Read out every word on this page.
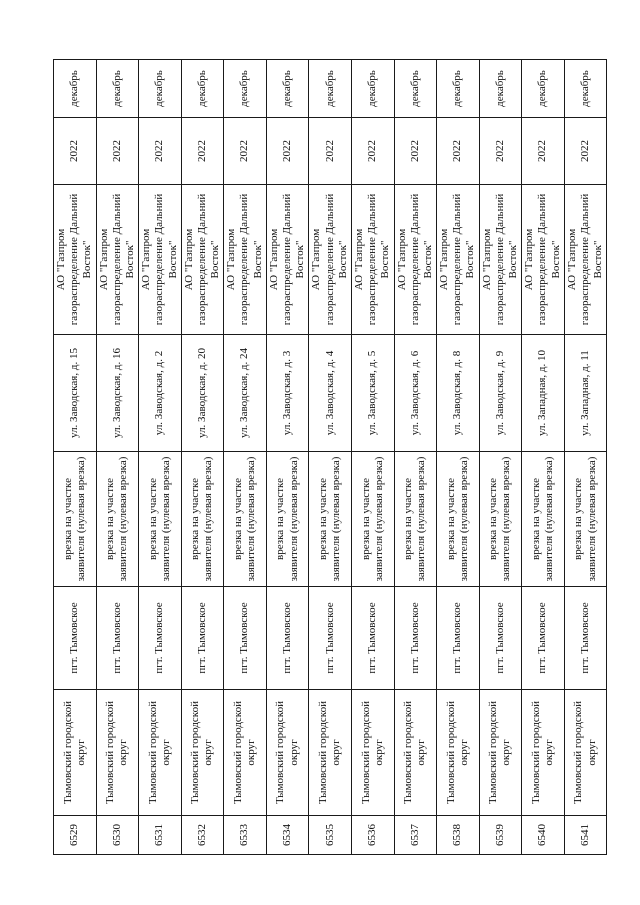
6529	Тымовский городской округ	пгт. Тымовское	врезка на участке заявителя (нулевая врезка)	ул. Заводская, д. 15	АО "Газпром газораспределение Дальний Восток"	2022	декабрь
6530	Тымовский городской округ	пгт. Тымовское	врезка на участке заявителя (нулевая врезка)	ул. Заводская, д. 16	АО "Газпром газораспределение Дальний Восток"	2022	декабрь
6531	Тымовский городской округ	пгт. Тымовское	врезка на участке заявителя (нулевая врезка)	ул. Заводская, д. 2	АО "Газпром газораспределение Дальний Восток"	2022	декабрь
6532	Тымовский городской округ	пгт. Тымовское	врезка на участке заявителя (нулевая врезка)	ул. Заводская, д. 20	АО "Газпром газораспределение Дальний Восток"	2022	декабрь
6533	Тымовский городской округ	пгт. Тымовское	врезка на участке заявителя (нулевая врезка)	ул. Заводская, д. 24	АО "Газпром газораспределение Дальний Восток"	2022	декабрь
6534	Тымовский городской округ	пгт. Тымовское	врезка на участке заявителя (нулевая врезка)	ул. Заводская, д. 3	АО "Газпром газораспределение Дальний Восток"	2022	декабрь
6535	Тымовский городской округ	пгт. Тымовское	врезка на участке заявителя (нулевая врезка)	ул. Заводская, д. 4	АО "Газпром газораспределение Дальний Восток"	2022	декабрь
6536	Тымовский городской округ	пгт. Тымовское	врезка на участке заявителя (нулевая врезка)	ул. Заводская, д. 5	АО "Газпром газораспределение Дальний Восток"	2022	декабрь
6537	Тымовский городской округ	пгт. Тымовское	врезка на участке заявителя (нулевая врезка)	ул. Заводская, д. 6	АО "Газпром газораспределение Дальний Восток"	2022	декабрь
6538	Тымовский городской округ	пгт. Тымовское	врезка на участке заявителя (нулевая врезка)	ул. Заводская, д. 8	АО "Газпром газораспределение Дальний Восток"	2022	декабрь
6539	Тымовский городской округ	пгт. Тымовское	врезка на участке заявителя (нулевая врезка)	ул. Заводская, д. 9	АО "Газпром газораспределение Дальний Восток"	2022	декабрь
6540	Тымовский городской округ	пгт. Тымовское	врезка на участке заявителя (нулевая врезка)	ул. Западная, д. 10	АО "Газпром газораспределение Дальний Восток"	2022	декабрь
6541	Тымовский городской округ	пгт. Тымовское	врезка на участке заявителя (нулевая врезка)	ул. Западная, д. 11	АО "Газпром газораспределение Дальний Восток"	2022	декабрь
